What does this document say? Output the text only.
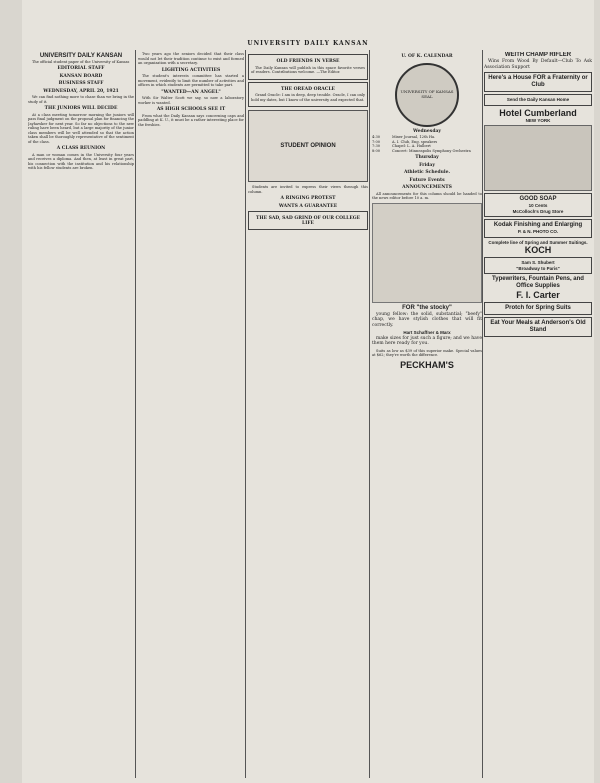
UNIVERSITY DAILY KANSAN
UNIVERSITY DAILY KANSAN

The official student paper of the University of Kansas

EDITORIAL STAFF
KANSAN BOARD
BUSINESS STAFF
WEDNESDAY, APRIL 20, 1921

We can find nothing more to chase than we bring in the study of it.

THE JUNIORS WILL DECIDE

At a class meeting tomorrow morning the juniors will pass final judgment on the proposal plan for financing the Jayhawker for next year. So far no objections to the new ruling have been heard, but a large majority of the junior class members will be well attended so that the action taken shall be thoroughly representative of the sentiment of the class.

A CLASS REUNION

A man or woman comes in the University four years and receives a diploma. And then, at least in great part, his connection with the institution and his relationship with his fellow students are broken.

Two years ago the seniors decided that their class would not let their tradition continue to exist and formed an organization with a secretary.

LIGHTING ACTIVITIES

The student's interests committee has started a movement, evidently to limit the number of activities and offices in which students are permitted to take part.

"WANTED—AN ANGEL"

With Sir Walter Scott we say, so now a laboratory worker is wanted.

AS HIGH SCHOOLS SEE IT

From what the Daily Kansan says concerning caps and paddling at K. U., it must be a rather interesting place for the freshies.

OLD FRIENDS IN VERSE

The Daily Kansan will publish in this space favorite verses of readers. Contributions welcome. —The Editor.

THE OREAD ORACLE

Grand Oracle: I am in deep, deep trouble. Oracle, I can only hold my dates, but I know of the university and expected that.

STUDENT OPINION

Students are invited to express their views through this column.

A RINGING PROTEST
WANTS A GUARANTEE
THE SAD, SAD GRIND OF OUR COLLEGE LIFE
U. OF K. CALENDAR
UNIVERSITY OF KANSAS SEAL
Wednesday
4:30	Mixer Journal, 12th Ha.
7:00	A. I. Club, Eng. speakers
7:30	Chapel: L. A. Hulbert
8:00	Concert: Minneapolis Symphony Orchestra
Thursday
Friday
Athletic Schedule.
Future Events
ANNOUNCEMENTS

All announcements for this column should be handed to the news editor before 10 a. m.

FOR "the stocky"

young fellow: the solid, substantial; "beefy" chap, we have stylish clothes that will fit correctly.

Hart Schaffner & Marx

make sizes for just such a figure; and we have them here ready for you.

Suits as low as $39 of this superior make. Special values at $62; they're worth the difference.

PECKHAM'S
WEITH CHAMP RIFLER

Wins From Wood By Default—Club To Ask Association Support

Here's a House FOR a Fraternity or Club
Send the Daily Kansan Home
Hotel Cumberland
NEW YORK
GOOD SOAP
10 Cents
McColloch's Drug Store
Kodak Finishing and Enlarging
P. & N. PHOTO CO.
Complete line of Spring and Summer Suitings.
KOCH
Sam S. Shubert
"Broadway to Paris"
Typewriters, Fountain Pens, and Office Supplies
F. I. Carter
Protch for Spring Suits
Eat Your Meals at Anderson's Old Stand
